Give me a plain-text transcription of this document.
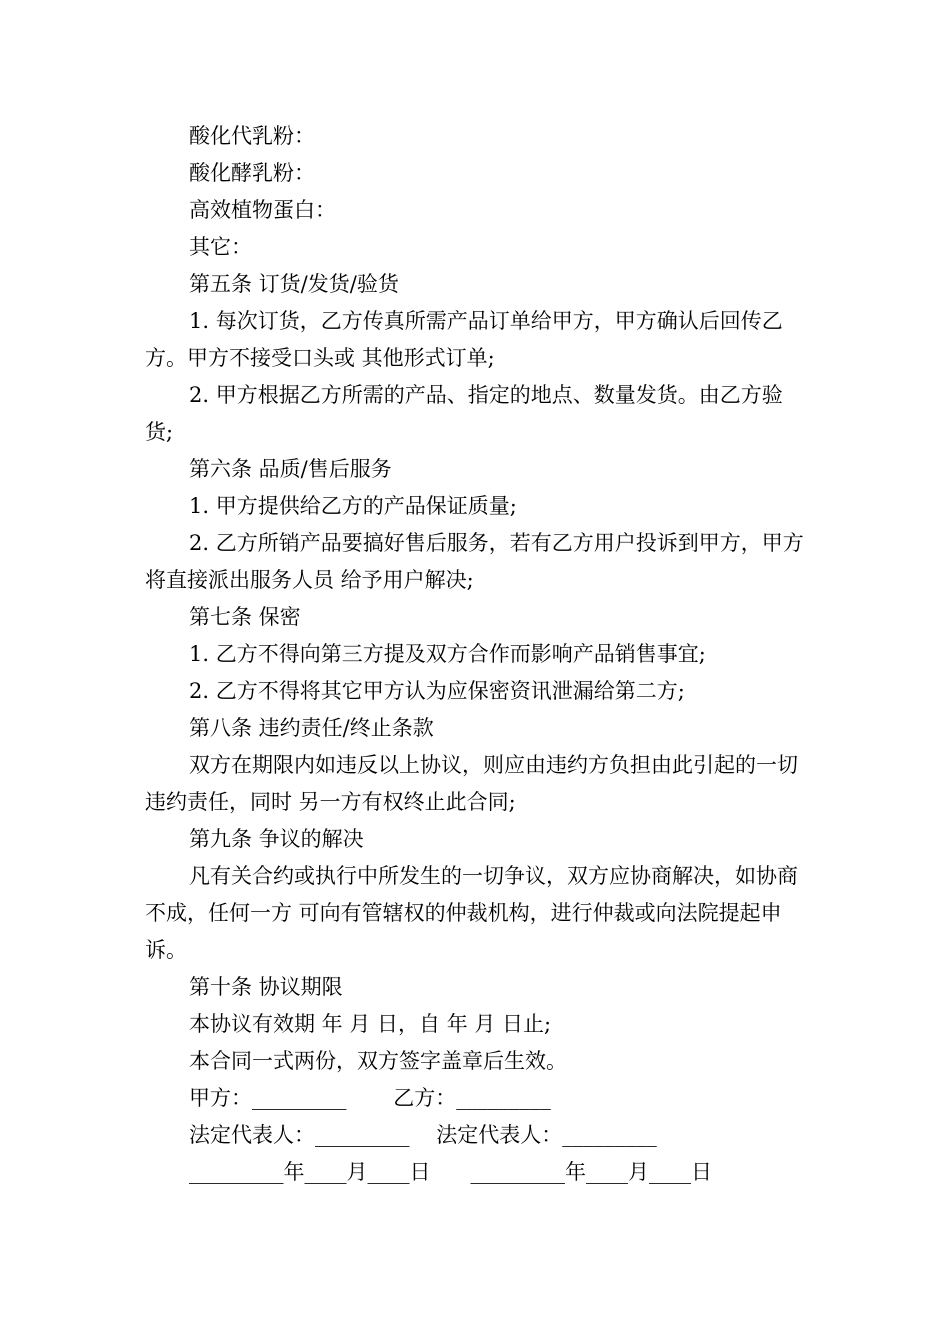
酸化代乳粉：

酸化酵乳粉：

高效植物蛋白：

其它：

第五条 订货/发货/验货

1. 每次订货，乙方传真所需产品订单给甲方，甲方确认后回传乙方。甲方不接受口头或 其他形式订单;

2. 甲方根据乙方所需的产品、指定的地点、数量发货。由乙方验货;

第六条 品质/售后服务

1. 甲方提供给乙方的产品保证质量;

2. 乙方所销产品要搞好售后服务，若有乙方用户投诉到甲方，甲方将直接派出服务人员 给予用户解决;

第七条 保密

1. 乙方不得向第三方提及双方合作而影响产品销售事宜;

2. 乙方不得将其它甲方认为应保密资讯泄漏给第二方;

第八条 违约责任/终止条款

双方在期限内如违反以上协议，则应由违约方负担由此引起的一切违约责任，同时 另一方有权终止此合同;

第九条 争议的解决

凡有关合约或执行中所发生的一切争议，双方应协商解决，如协商不成，任何一方 可向有管辖权的仲裁机构，进行仲裁或向法院提起申诉。

第十条 协议期限

本协议有效期 年 月 日，自 年 月 日止;

本合同一式两份，双方签字盖章后生效。

甲方：_________       乙方：_________

法定代表人：_________    法定代表人：_________

_________年____月____日      _________年____月____日
